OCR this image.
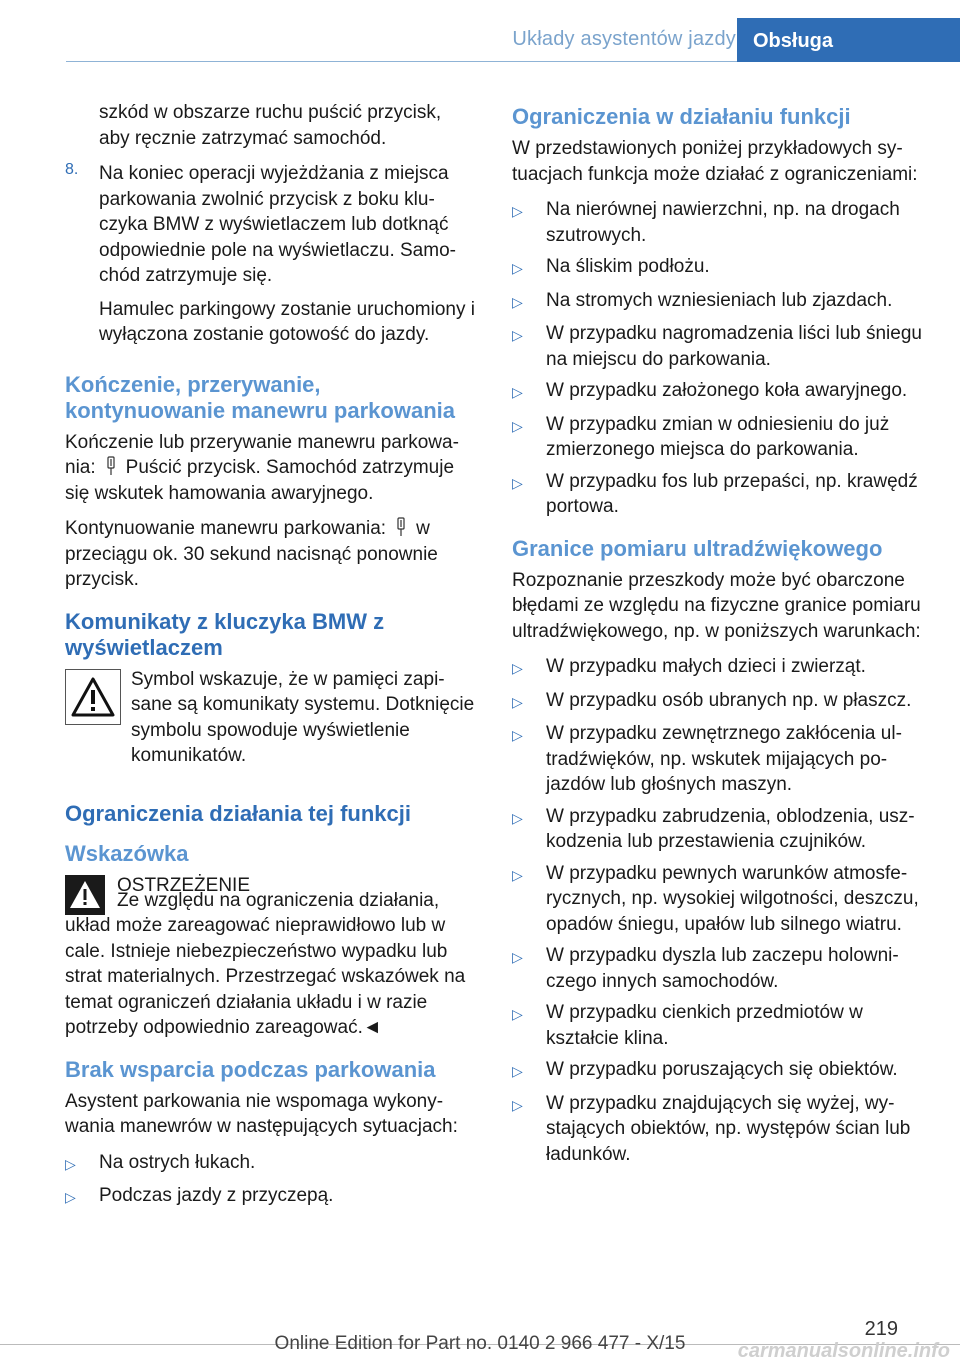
Układy asystentów jazdy Obsługa

szkód w obszarze ruchu puścić przycisk, aby ręcznie zatrzymać samochód.

8.	Na koniec operacji wyjeżdżania z miejsca parkowania zwolnić przycisk z boku kluczyka BMW z wyświetlaczem lub dotknąć odpowiednie pole na wyświetlaczu. Samochód zatrzymuje się.

Hamulec parkingowy zostanie uruchomiony i wyłączona zostanie gotowość do jazdy.

Kończenie, przerywanie, kontynuowanie manewru parkowania

Kończenie lub przerywanie manewru parkowania: Puścić przycisk. Samochód zatrzymuje się wskutek hamowania awaryjnego.

Kontynuowanie manewru parkowania: w przeciągu ok. 30 sekund nacisnąć ponownie przycisk.

Komunikaty z kluczyka BMW z wyświetlaczem

Symbol wskazuje, że w pamięci zapisane są komunikaty systemu. Dotknięcie symbolu spowoduje wyświetlenie komunikatów.

Ograniczenia działania tej funkcji
Wskazówka

OSTRZEŻENIE

Ze względu na ograniczenia działania, układ może zareagować nieprawidłowo lub w cale. Istnieje niebezpieczeństwo wypadku lub strat materialnych. Przestrzegać wskazówek na temat ograniczeń działania układu i w razie potrzeby odpowiednio zareagować.◄

Brak wsparcia podczas parkowania

Asystent parkowania nie wspomaga wykonywania manewrów w następujących sytuacjach:

▷	Na ostrych łukach.
▷	Podczas jazdy z przyczepą.
Ograniczenia w działaniu funkcji

W przedstawionych poniżej przykładowych sytuacjach funkcja może działać z ograniczeniami:

▷	Na nierównej nawierzchni, np. na drogach szutrowych.
▷	Na śliskim podłożu.
▷	Na stromych wzniesieniach lub zjazdach.
▷	W przypadku nagromadzenia liści lub śniegu na miejscu do parkowania.
▷	W przypadku założonego koła awaryjnego.
▷	W przypadku zmian w odniesieniu do już zmierzonego miejsca do parkowania.
▷	W przypadku fos lub przepaści, np. krawędź portowa.
Granice pomiaru ultradźwiękowego

Rozpoznanie przeszkody może być obarczone błędami ze względu na fizyczne granice pomiaru ultradźwiękowego, np. w poniższych warunkach:

▷	W przypadku małych dzieci i zwierząt.
▷	W przypadku osób ubranych np. w płaszcz.
▷	W przypadku zewnętrznego zakłócenia ultradźwięków, np. wskutek mijających pojazdów lub głośnych maszyn.
▷	W przypadku zabrudzenia, oblodzenia, uszkodzenia lub przestawienia czujników.
▷	W przypadku pewnych warunków atmosferycznych, np. wysokiej wilgotności, deszczu, opadów śniegu, upałów lub silnego wiatru.
▷	W przypadku dyszla lub zaczepu holowniczego innych samochodów.
▷	W przypadku cienkich przedmiotów w kształcie klina.
▷	W przypadku poruszających się obiektów.
▷	W przypadku znajdujących się wyżej, wystających obiektów, np. występów ścian lub ładunków.
219
Online Edition for Part no. 0140 2 966 477 - X/15	carmanualsonline.info
